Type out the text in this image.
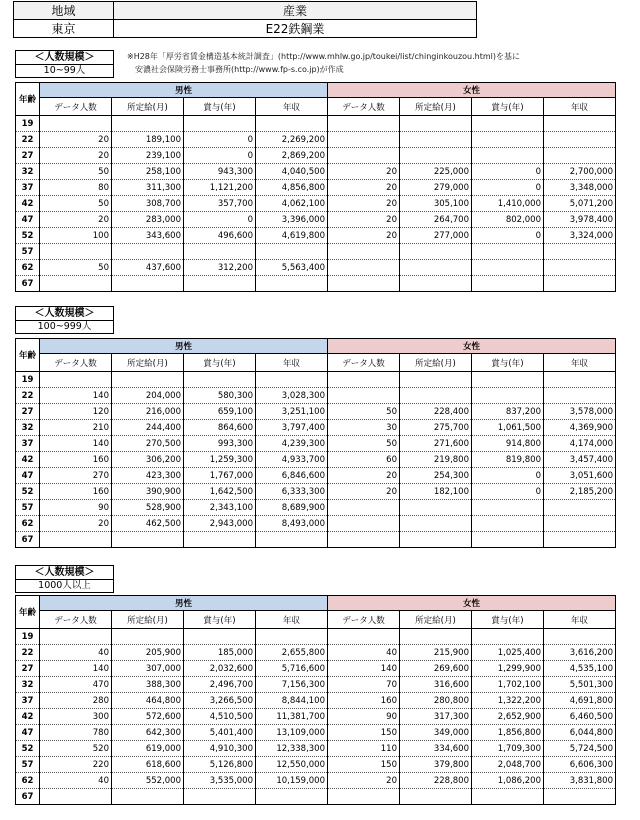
地域	産業
東京	E22鉄鋼業
※H28年「厚労省賃金構造基本統計調査」(http://www.mhlw.go.jp/toukei/list/chinginkouzou.html)を基に
　安濃社会保険労務士事務所(http://www.fp-s.co.jp)が作成
＜人数規模＞
10~99人
＜人数規模＞
100~999人
＜人数規模＞
1000人以上
年齢	男性				女性			
	データ人数	所定給(月)	賞与(年)	年収	データ人数	所定給(月)	賞与(年)	年収
19								
22	20	189,100	0	2,269,200				
27	20	239,100	0	2,869,200				
32	50	258,100	943,300	4,040,500	20	225,000	0	2,700,000
37	80	311,300	1,121,200	4,856,800	20	279,000	0	3,348,000
42	50	308,700	357,700	4,062,100	20	305,100	1,410,000	5,071,200
47	20	283,000	0	3,396,000	20	264,700	802,000	3,978,400
52	100	343,600	496,600	4,619,800	20	277,000	0	3,324,000
57								
62	50	437,600	312,200	5,563,400				
67								
年齢	男性				女性			
	データ人数	所定給(月)	賞与(年)	年収	データ人数	所定給(月)	賞与(年)	年収
19								
22	140	204,000	580,300	3,028,300				
27	120	216,000	659,100	3,251,100	50	228,400	837,200	3,578,000
32	210	244,400	864,600	3,797,400	30	275,700	1,061,500	4,369,900
37	140	270,500	993,300	4,239,300	50	271,600	914,800	4,174,000
42	160	306,200	1,259,300	4,933,700	60	219,800	819,800	3,457,400
47	270	423,300	1,767,000	6,846,600	20	254,300	0	3,051,600
52	160	390,900	1,642,500	6,333,300	20	182,100	0	2,185,200
57	90	528,900	2,343,100	8,689,900				
62	20	462,500	2,943,000	8,493,000				
67								
年齢	男性				女性			
	データ人数	所定給(月)	賞与(年)	年収	データ人数	所定給(月)	賞与(年)	年収
19								
22	40	205,900	185,000	2,655,800	40	215,900	1,025,400	3,616,200
27	140	307,000	2,032,600	5,716,600	140	269,600	1,299,900	4,535,100
32	470	388,300	2,496,700	7,156,300	70	316,600	1,702,100	5,501,300
37	280	464,800	3,266,500	8,844,100	160	280,800	1,322,200	4,691,800
42	300	572,600	4,510,500	11,381,700	90	317,300	2,652,900	6,460,500
47	780	642,300	5,401,400	13,109,000	150	349,000	1,856,800	6,044,800
52	520	619,000	4,910,300	12,338,300	110	334,600	1,709,300	5,724,500
57	220	618,600	5,126,800	12,550,000	150	379,800	2,048,700	6,606,300
62	40	552,000	3,535,000	10,159,000	20	228,800	1,086,200	3,831,800
67								
